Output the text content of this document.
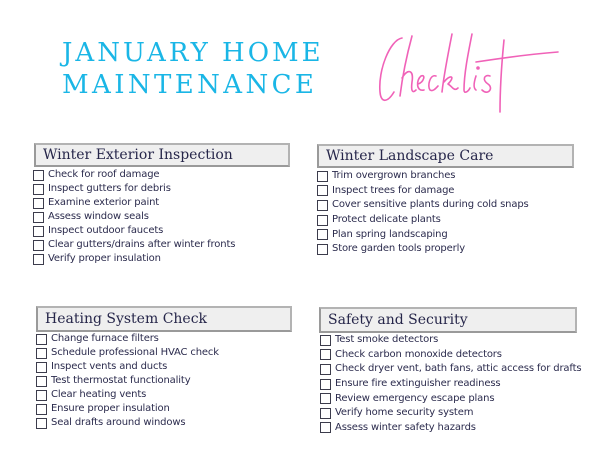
JANUARY HOME
MAINTENANCE
Winter Exterior Inspection
Check for roof damage
Inspect gutters for debris
Examine exterior paint
Assess window seals
Inspect outdoor faucets
Clear gutters/drains after winter fronts
Verify proper insulation
Winter Landscape Care
Trim overgrown branches
Inspect trees for damage
Cover sensitive plants during cold snaps
Protect delicate plants
Plan spring landscaping
Store garden tools properly
Heating System Check
Change furnace filters
Schedule professional HVAC check
Inspect vents and ducts
Test thermostat functionality
Clear heating vents
Ensure proper insulation
Seal drafts around windows
Safety and Security
Test smoke detectors
Check carbon monoxide detectors
Check dryer vent, bath fans, attic access for drafts
Ensure fire extinguisher readiness
Review emergency escape plans
Verify home security system
Assess winter safety hazards
